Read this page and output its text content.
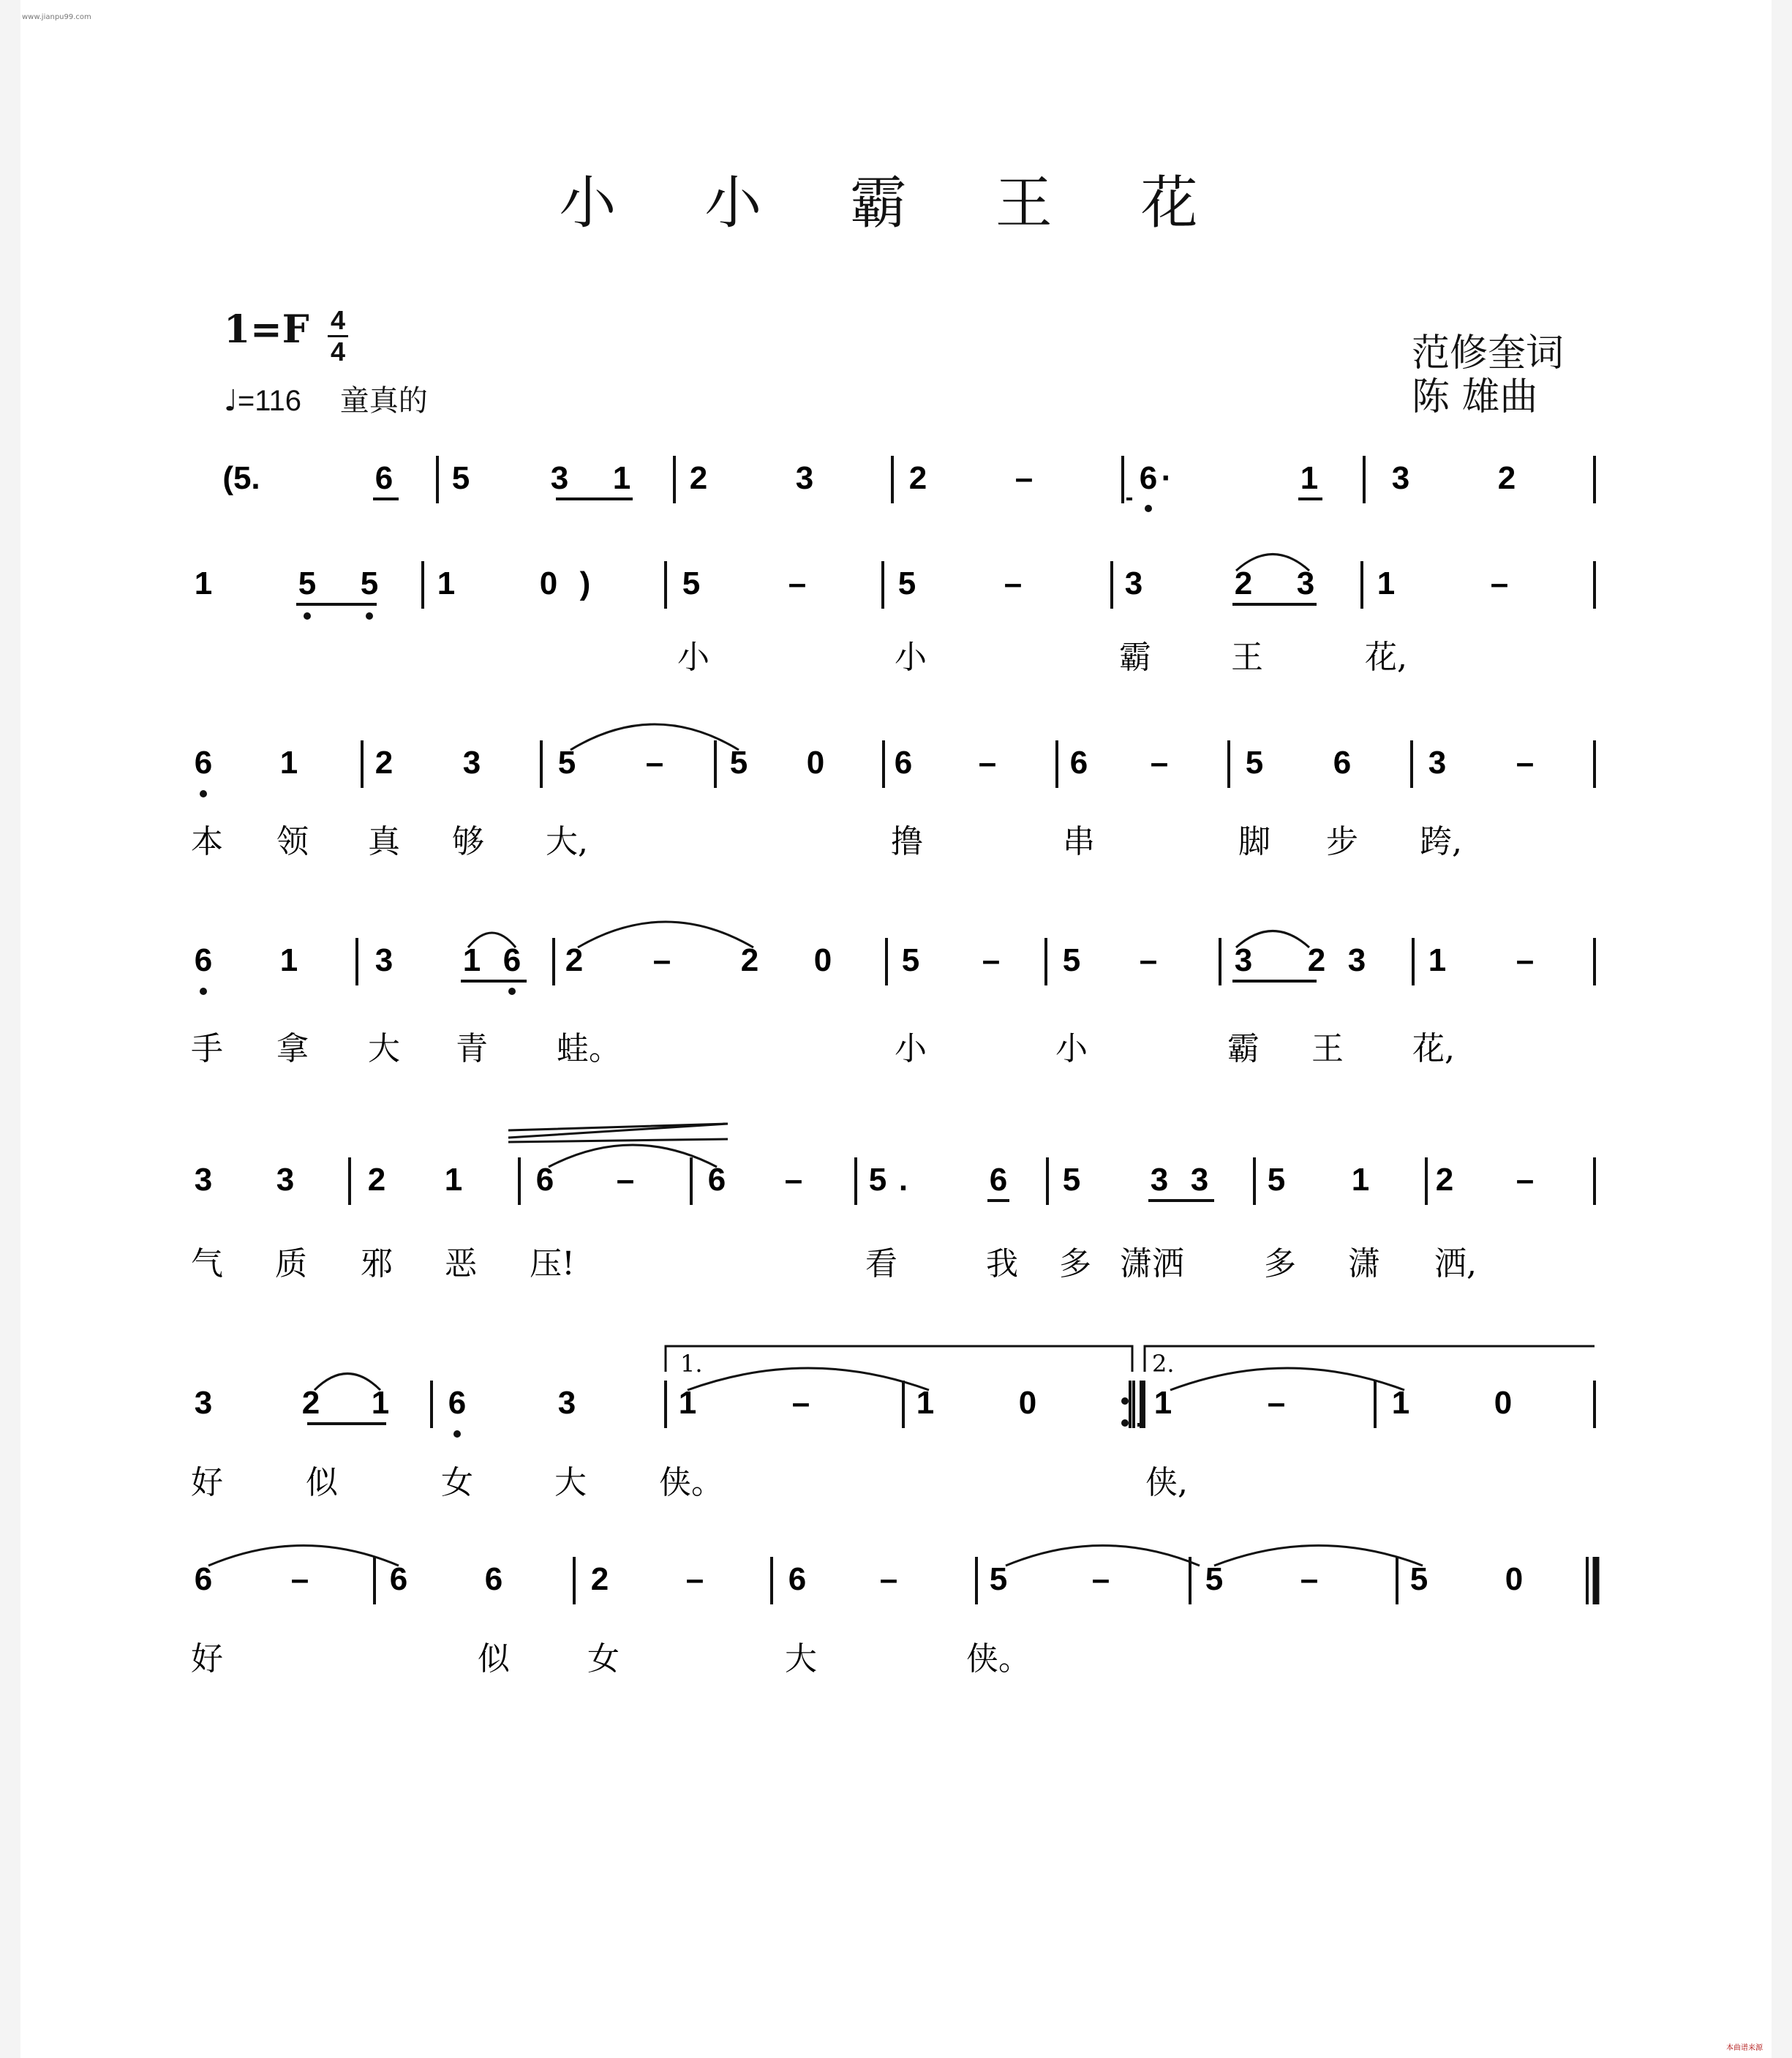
www.jianpu99.com
本曲谱来源
小 小 霸 王 花
1=F 4
4
♩=116 童真的
范修奎词
陈 雄曲
(5.	6 5	3 1 2	3	2	–	6 ·	1 3	2
1	5 5 1	0 )	5	–	5	–	3	2 3 1	–
小	小	霸 王	花,
6 1 2 3 5 – 5 0 6 – 6 – 5 6 3 –
本 领 真 够 大,	撸	串	脚 步 跨,
6 1 3 1 6 2 – 2 0 5 – 5 – 3 2 3 1 –
手 拿 大 青 蛙。	小	小	霸 王 花,
3 3 2 1 6 – 6 – 5 .	6 5 3 3 5 1 2 –
气 质 邪 恶 压!	看	我 多 潇洒 多 潇 洒,
3	2 1 6	3	1	–	1	0	1	–	1	0
好	似	女	大 侠。	侠,
6 –	6 6	2 –	6 –	5	–	5 –	5 0
好	似 女	大	侠。
1.	2.
